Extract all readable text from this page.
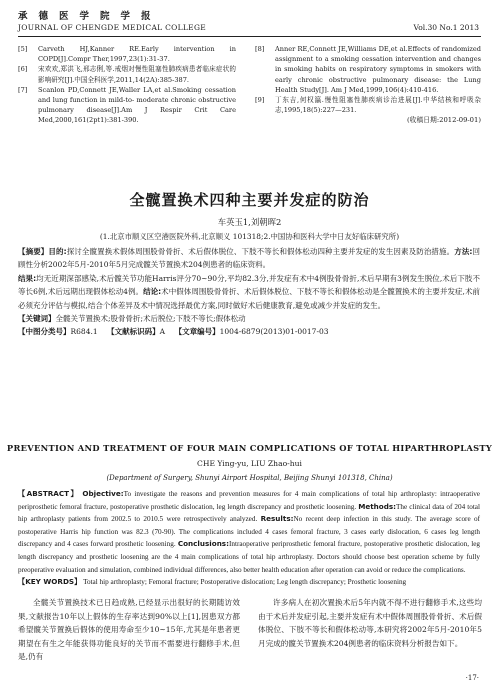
承德医学院学报
JOURNAL OF CHENGDE MEDICAL COLLEGE	Vol.30 No.1 2013
[5]	Carveth HJ,Kanner RE.Early intervention in COPD[J].Compr Ther,1997,23(1):31-37.
[6]	宋欢欢,郑洪飞,邢志俐,等.戒烟对慢性阻塞性肺疾病患者临床症状的影响研究[J].中国全科医学,2011,14(2A):385-387.
[7]	Scanlon PD,Connett JE,Waller LA,et al.Smoking cessation and lung function in mild-to- moderate chronic obstructive pulmonary disease[J].Am J Respir Crit Care Med,2000,161(2pt1):381-390.
[8]	Anner RE,Connett JE,Williams DE,et al.Effects of randomized assignment to a smoking cessation intervention and changes in smoking habits on respiratory symptoms in smokers with early chronic obstructive pulmonary disease: the Lung Health Study[J]. Am J Med,1999,106(4):410-416.
[9]	丁东吉,何权瀛.慢性阻塞性肺疾病诊治进展[J].中华结核和呼吸杂志,1995,18(5):227—231.
(收稿日期:2012-09-01)
全髋置换术四种主要并发症的防治
车英玉1,刘朝晖2
(1.北京市顺义区空港医院外科,北京顺义 101318;2.中国协和医科大学中日友好临床研究所)
【摘要】目的:探讨全髋置换术假体周围股骨骨折、术后假体脱位、下肢不等长和假体松动四种主要并发症的发生因素及防治措施。方法:回顾性分析2002年5月-2010年5月完成髋关节置换术204例患者的临床资料。
结果:均无近期深部感染,术后髋关节功能Harris评分70~90分,平均82.3分,并发症有术中4例股骨骨折,术后早期有3例发生脱位,术后下肢不等长6例,术后远期出现假体松动4例。结论:术中假体周围股骨骨折、术后假体脱位、下肢不等长和假体松动是全髋置换术的主要并发症,术前必须充分评估与模拟,结合个体差异及术中情况选择最优方案,同时做好术后健康教育,避免或减少并发症的发生。
【关键词】全髋关节置换术;股骨骨折;术后脱位;下肢不等长;假体松动
【中图分类号】R684.1 【文献标识码】A 【文章编号】1004-6879(2013)01-0017-03
PREVENTION AND TREATMENT OF FOUR MAIN COMPLICATIONS OF TOTAL HIPARTHROPLASTY
CHE Ying-yu, LIU Zhao-hui
(Department of Surgery, Shunyi Airport Hospital, Beijing Shunyi 101318, China)
【ABSTRACT】 Objective:To investigate the reasons and prevention measures for 4 main complications of total hip arthroplasty: intraoperative periprosthetic femoral fracture, postoperative prosthetic dislocation, leg length discrepancy and prosthetic loosening. Methods:The clinical data of 204 total hip arthroplasty patients from 2002.5 to 2010.5 were retrospectively analyzed. Results:No recent deep infection in this study. The average score of postoperative Harris hip function was 82.3 (70-90). The complications included 4 cases femoral fracture, 3 cases early dislocation, 6 cases leg length discrepancy and 4 cases forward prosthetic loosening. Conclusions:Intraoperative periprosthetic femoral fracture, postoperative prosthetic dislocation, leg length discrepancy and prosthetic loosening are the 4 main complications of total hip arthroplasty. Doctors should choose best operation scheme by fully preoperative evaluation and simulation, combined individual differences, also better health education after operation can avoid or reduce the complications.
【KEY WORDS】 Total hip arthroplasty; Femoral fracture; Postoperative dislocation; Leg length discrepancy; Prosthetic loosening
全髋关节置换技术已日趋成熟,已经显示出很好的长期随访效果,文献报告10年以上假体的生存率达到90%以上[1],因患双方都希望髋关节置换后假体的使用寿命至少10~15年,尤其是年患者更期望在有生之年能获得功能良好的关节而不需要进行翻修手术,但是,仍有
许多病人在初次置换术后5年内就不得不进行翻修手术,这些均由于术后并发症引起,主要并发症有术中假体周围股骨骨折、术后假体脱位、下肢不等长和假体松动等,本研究将2002年5月-2010年5月完成的髋关节置换术204例患者的临床资料分析报告如下。
·17·
